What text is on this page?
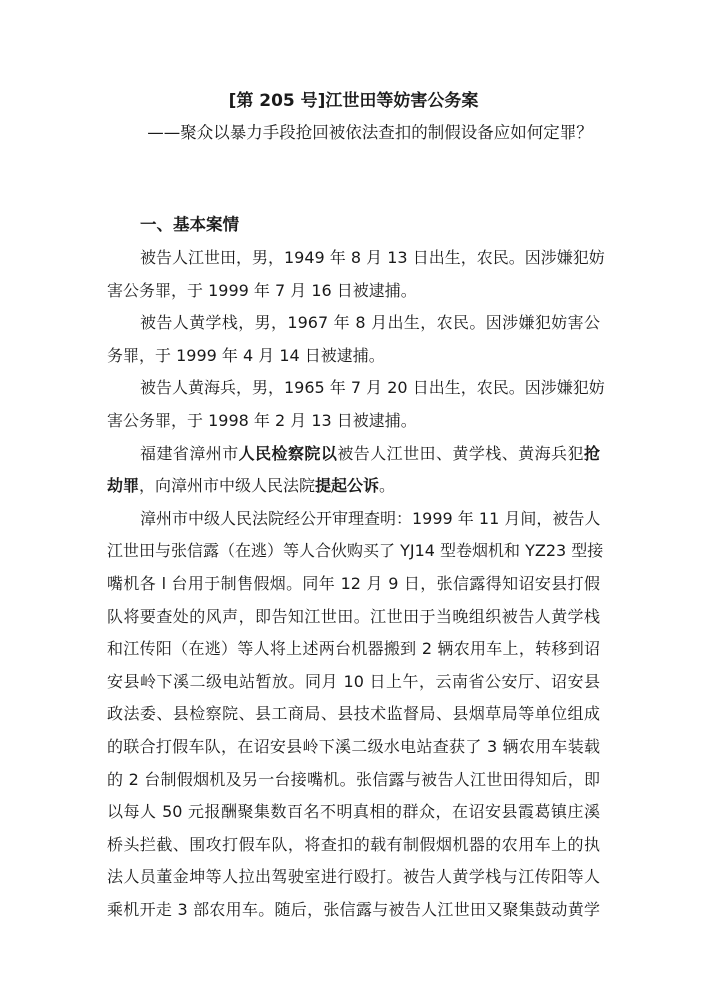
[第 205 号]江世田等妨害公务案
——聚众以暴力手段抢回被依法查扣的制假设备应如何定罪？
一、基本案情
被告人江世田，男，1949 年 8 月 13 日出生，农民。因涉嫌犯妨
害公务罪，于 1999 年 7 月 16 日被逮捕。
被告人黄学栈，男，1967 年 8 月出生，农民。因涉嫌犯妨害公
务罪，于 1999 年 4 月 14 日被逮捕。
被告人黄海兵，男，1965 年 7 月 20 日出生，农民。因涉嫌犯妨
害公务罪，于 1998 年 2 月 13 日被逮捕。
福建省漳州市人民检察院以被告人江世田、黄学栈、黄海兵犯抢
劫罪，向漳州市中级人民法院提起公诉。
漳州市中级人民法院经公开审理查明：1999 年 11 月间，被告人
江世田与张信露（在逃）等人合伙购买了 YJ14 型卷烟机和 YZ23 型接
嘴机各 l 台用于制售假烟。同年 12 月 9 日，张信露得知诏安县打假
队将要查处的风声，即告知江世田。江世田于当晚组织被告人黄学栈
和江传阳（在逃）等人将上述两台机器搬到 2 辆农用车上，转移到诏
安县岭下溪二级电站暂放。同月 10 日上午，云南省公安厅、诏安县
政法委、县检察院、县工商局、县技术监督局、县烟草局等单位组成
的联合打假车队，在诏安县岭下溪二级水电站查获了 3 辆农用车装载
的 2 台制假烟机及另一台接嘴机。张信露与被告人江世田得知后，即
以每人 50 元报酬聚集数百名不明真相的群众，在诏安县霞葛镇庄溪
桥头拦截、围攻打假车队，将查扣的载有制假烟机器的农用车上的执
法人员董金坤等人拉出驾驶室进行殴打。被告人黄学栈与江传阳等人
乘机开走 3 部农用车。随后，张信露与被告人江世田又聚集鼓动黄学
